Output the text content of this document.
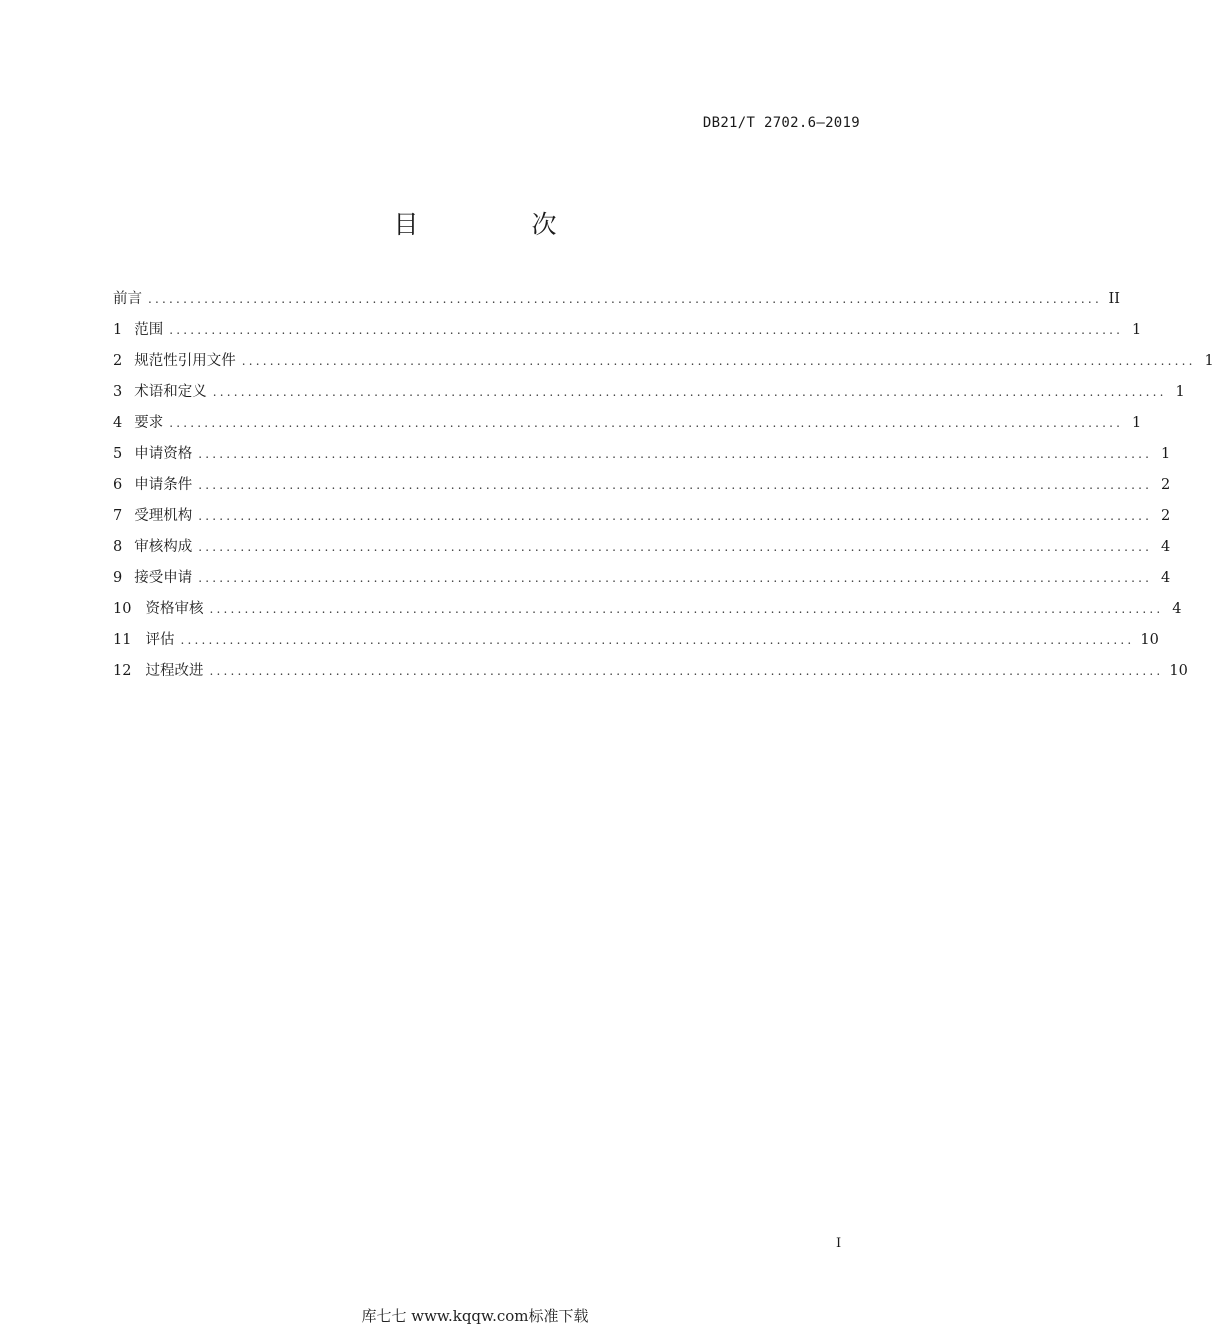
DB21/T 2702.6—2019
目　次
前言 ........................................................................................................................................ II
1 范围 ........................................................................................................................................ 1
2 规范性引用文件 ........................................................................................................................................ 1
3 术语和定义 ........................................................................................................................................ 1
4 要求 ........................................................................................................................................ 1
5 申请资格 ........................................................................................................................................ 1
6 申请条件 ........................................................................................................................................ 2
7 受理机构 ........................................................................................................................................ 2
8 审核构成 ........................................................................................................................................ 4
9 接受申请 ........................................................................................................................................ 4
10 资格审核 ........................................................................................................................................ 4
11 评估 ........................................................................................................................................ 10
12 过程改进 ........................................................................................................................................ 10
I
库七七 www.kqqw.com标准下载
